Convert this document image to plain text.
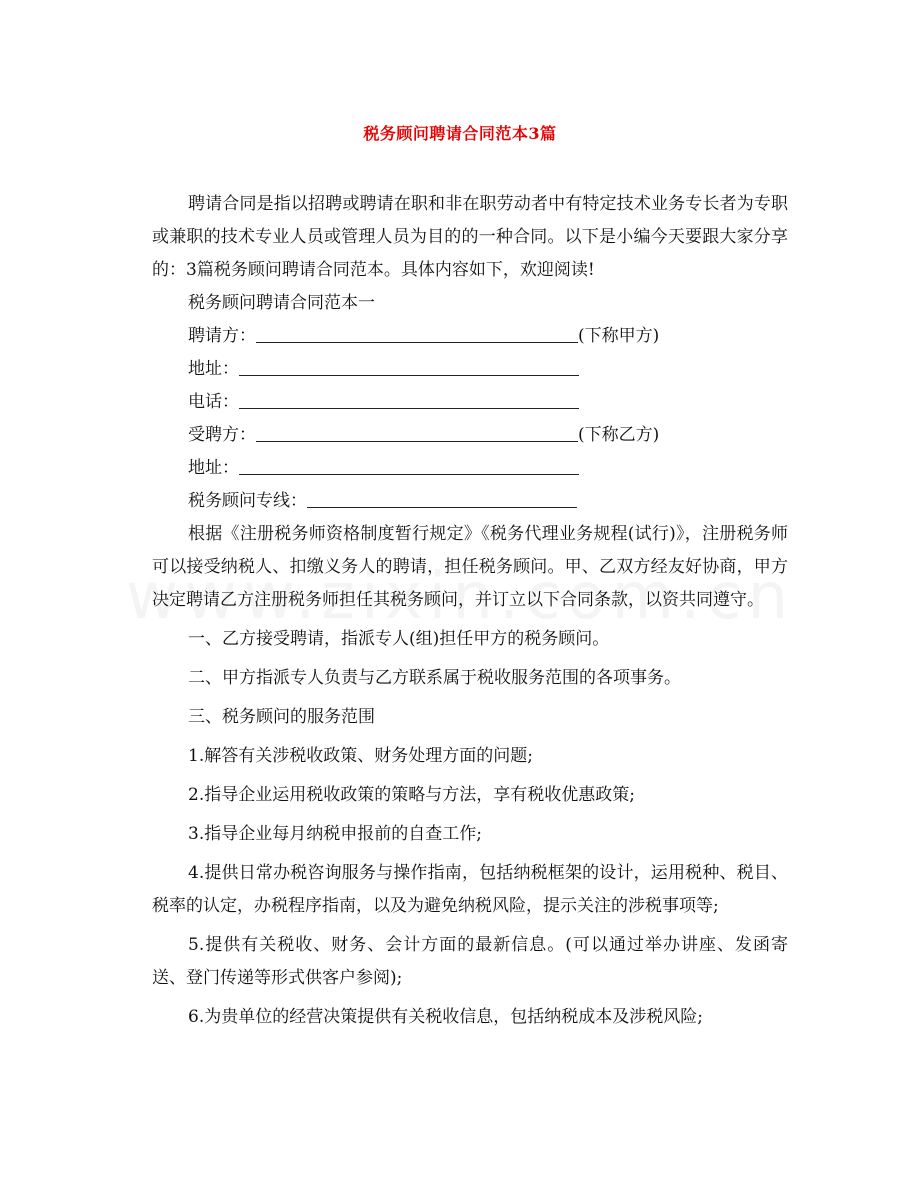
税务顾问聘请合同范本3篇

聘请合同是指以招聘或聘请在职和非在职劳动者中有特定技术业务专长者为专职或兼职的技术专业人员或管理人员为目的的一种合同。以下是小编今天要跟大家分享的：3篇税务顾问聘请合同范本。具体内容如下，欢迎阅读!

税务顾问聘请合同范本一

聘请方：	(下称甲方)

地址：

电话：

受聘方：	(下称乙方)

地址：

税务顾问专线：

根据《注册税务师资格制度暂行规定》《税务代理业务规程(试行)》，注册税务师可以接受纳税人、扣缴义务人的聘请，担任税务顾问。甲、乙双方经友好协商，甲方决定聘请乙方注册税务师担任其税务顾问，并订立以下合同条款，以资共同遵守。

一、乙方接受聘请，指派专人(组)担任甲方的税务顾问。

二、甲方指派专人负责与乙方联系属于税收服务范围的各项事务。

三、税务顾问的服务范围

1.解答有关涉税收政策、财务处理方面的问题;

2.指导企业运用税收政策的策略与方法，享有税收优惠政策;

3.指导企业每月纳税申报前的自查工作;

4.提供日常办税咨询服务与操作指南，包括纳税框架的设计，运用税种、税目、税率的认定，办税程序指南，以及为避免纳税风险，提示关注的涉税事项等;

5.提供有关税收、财务、会计方面的最新信息。(可以通过举办讲座、发函寄送、登门传递等形式供客户参阅);

6.为贵单位的经营决策提供有关税收信息，包括纳税成本及涉税风险;
